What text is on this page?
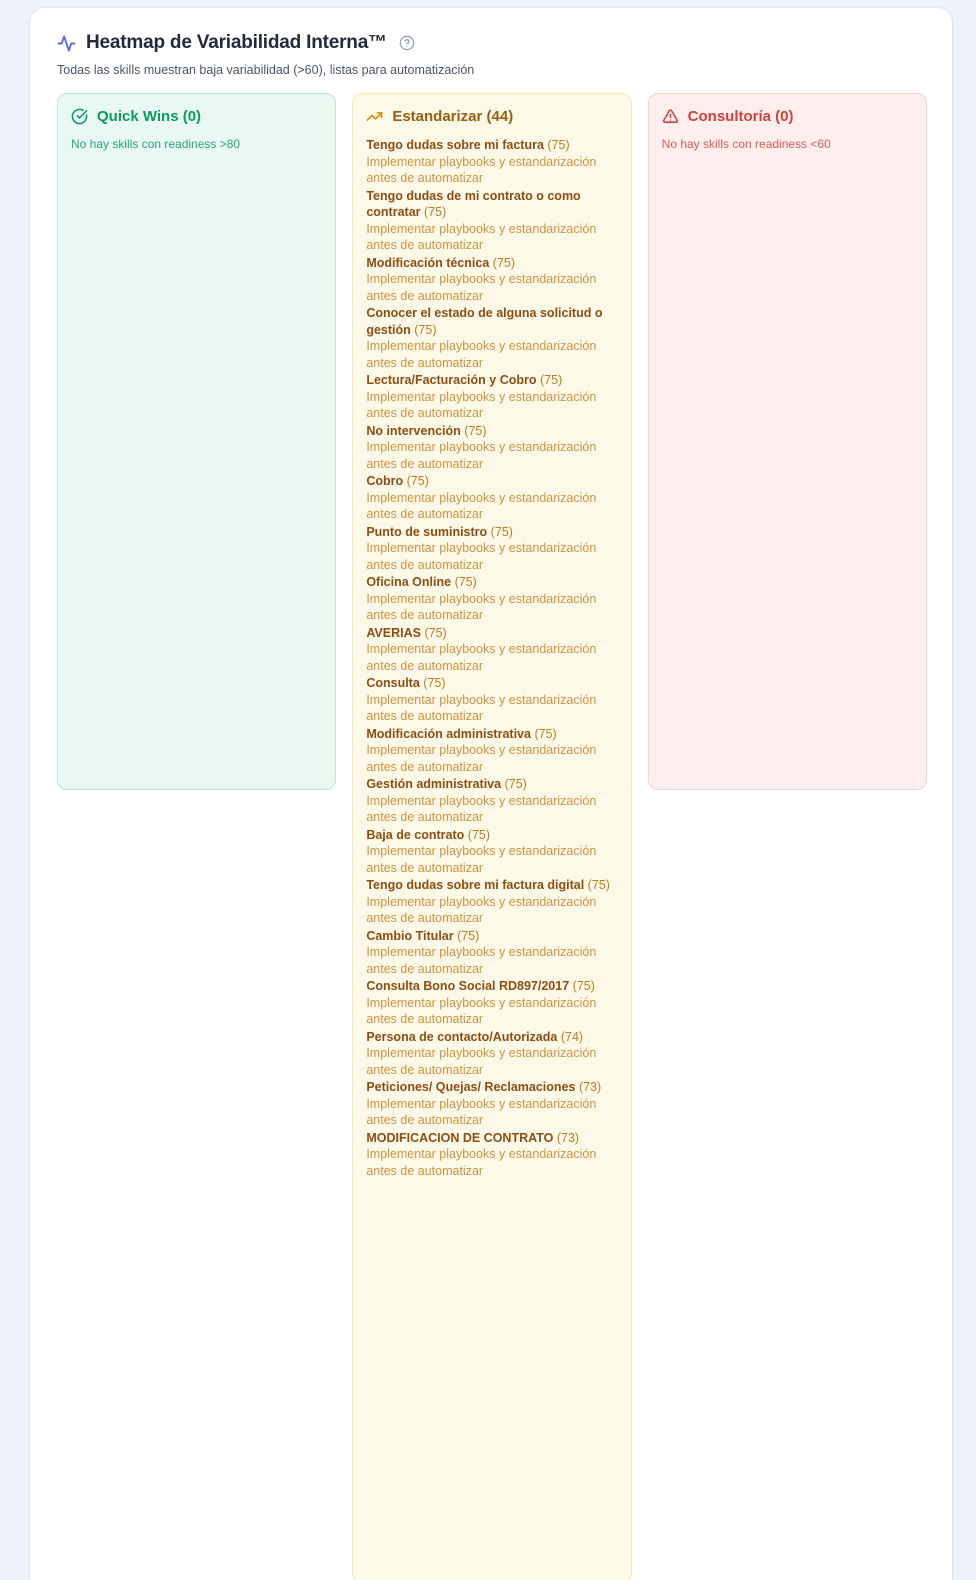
Heatmap de Variabilidad Interna™
Todas las skills muestran baja variabilidad (>60), listas para automatización
Quick Wins (0)
No hay skills con readiness >80
Estandarizar (44)
Tengo dudas sobre mi factura (75)
Implementar playbooks y estandarización antes de automatizar
Tengo dudas de mi contrato o como contratar (75)
Implementar playbooks y estandarización antes de automatizar
Modificación técnica (75)
Implementar playbooks y estandarización antes de automatizar
Conocer el estado de alguna solicitud o gestión (75)
Implementar playbooks y estandarización antes de automatizar
Lectura/Facturación y Cobro (75)
Implementar playbooks y estandarización antes de automatizar
No intervención (75)
Implementar playbooks y estandarización antes de automatizar
Cobro (75)
Implementar playbooks y estandarización antes de automatizar
Punto de suministro (75)
Implementar playbooks y estandarización antes de automatizar
Oficina Online (75)
Implementar playbooks y estandarización antes de automatizar
AVERIAS (75)
Implementar playbooks y estandarización antes de automatizar
Consulta (75)
Implementar playbooks y estandarización antes de automatizar
Modificación administrativa (75)
Implementar playbooks y estandarización antes de automatizar
Gestión administrativa (75)
Implementar playbooks y estandarización antes de automatizar
Baja de contrato (75)
Implementar playbooks y estandarización antes de automatizar
Tengo dudas sobre mi factura digital (75)
Implementar playbooks y estandarización antes de automatizar
Cambio Titular (75)
Implementar playbooks y estandarización antes de automatizar
Consulta Bono Social RD897/2017 (75)
Implementar playbooks y estandarización antes de automatizar
Persona de contacto/Autorizada (74)
Implementar playbooks y estandarización antes de automatizar
Peticiones/ Quejas/ Reclamaciones (73)
Implementar playbooks y estandarización antes de automatizar
MODIFICACION DE CONTRATO (73)
Implementar playbooks y estandarización antes de automatizar
Consultoría (0)
No hay skills con readiness <60
